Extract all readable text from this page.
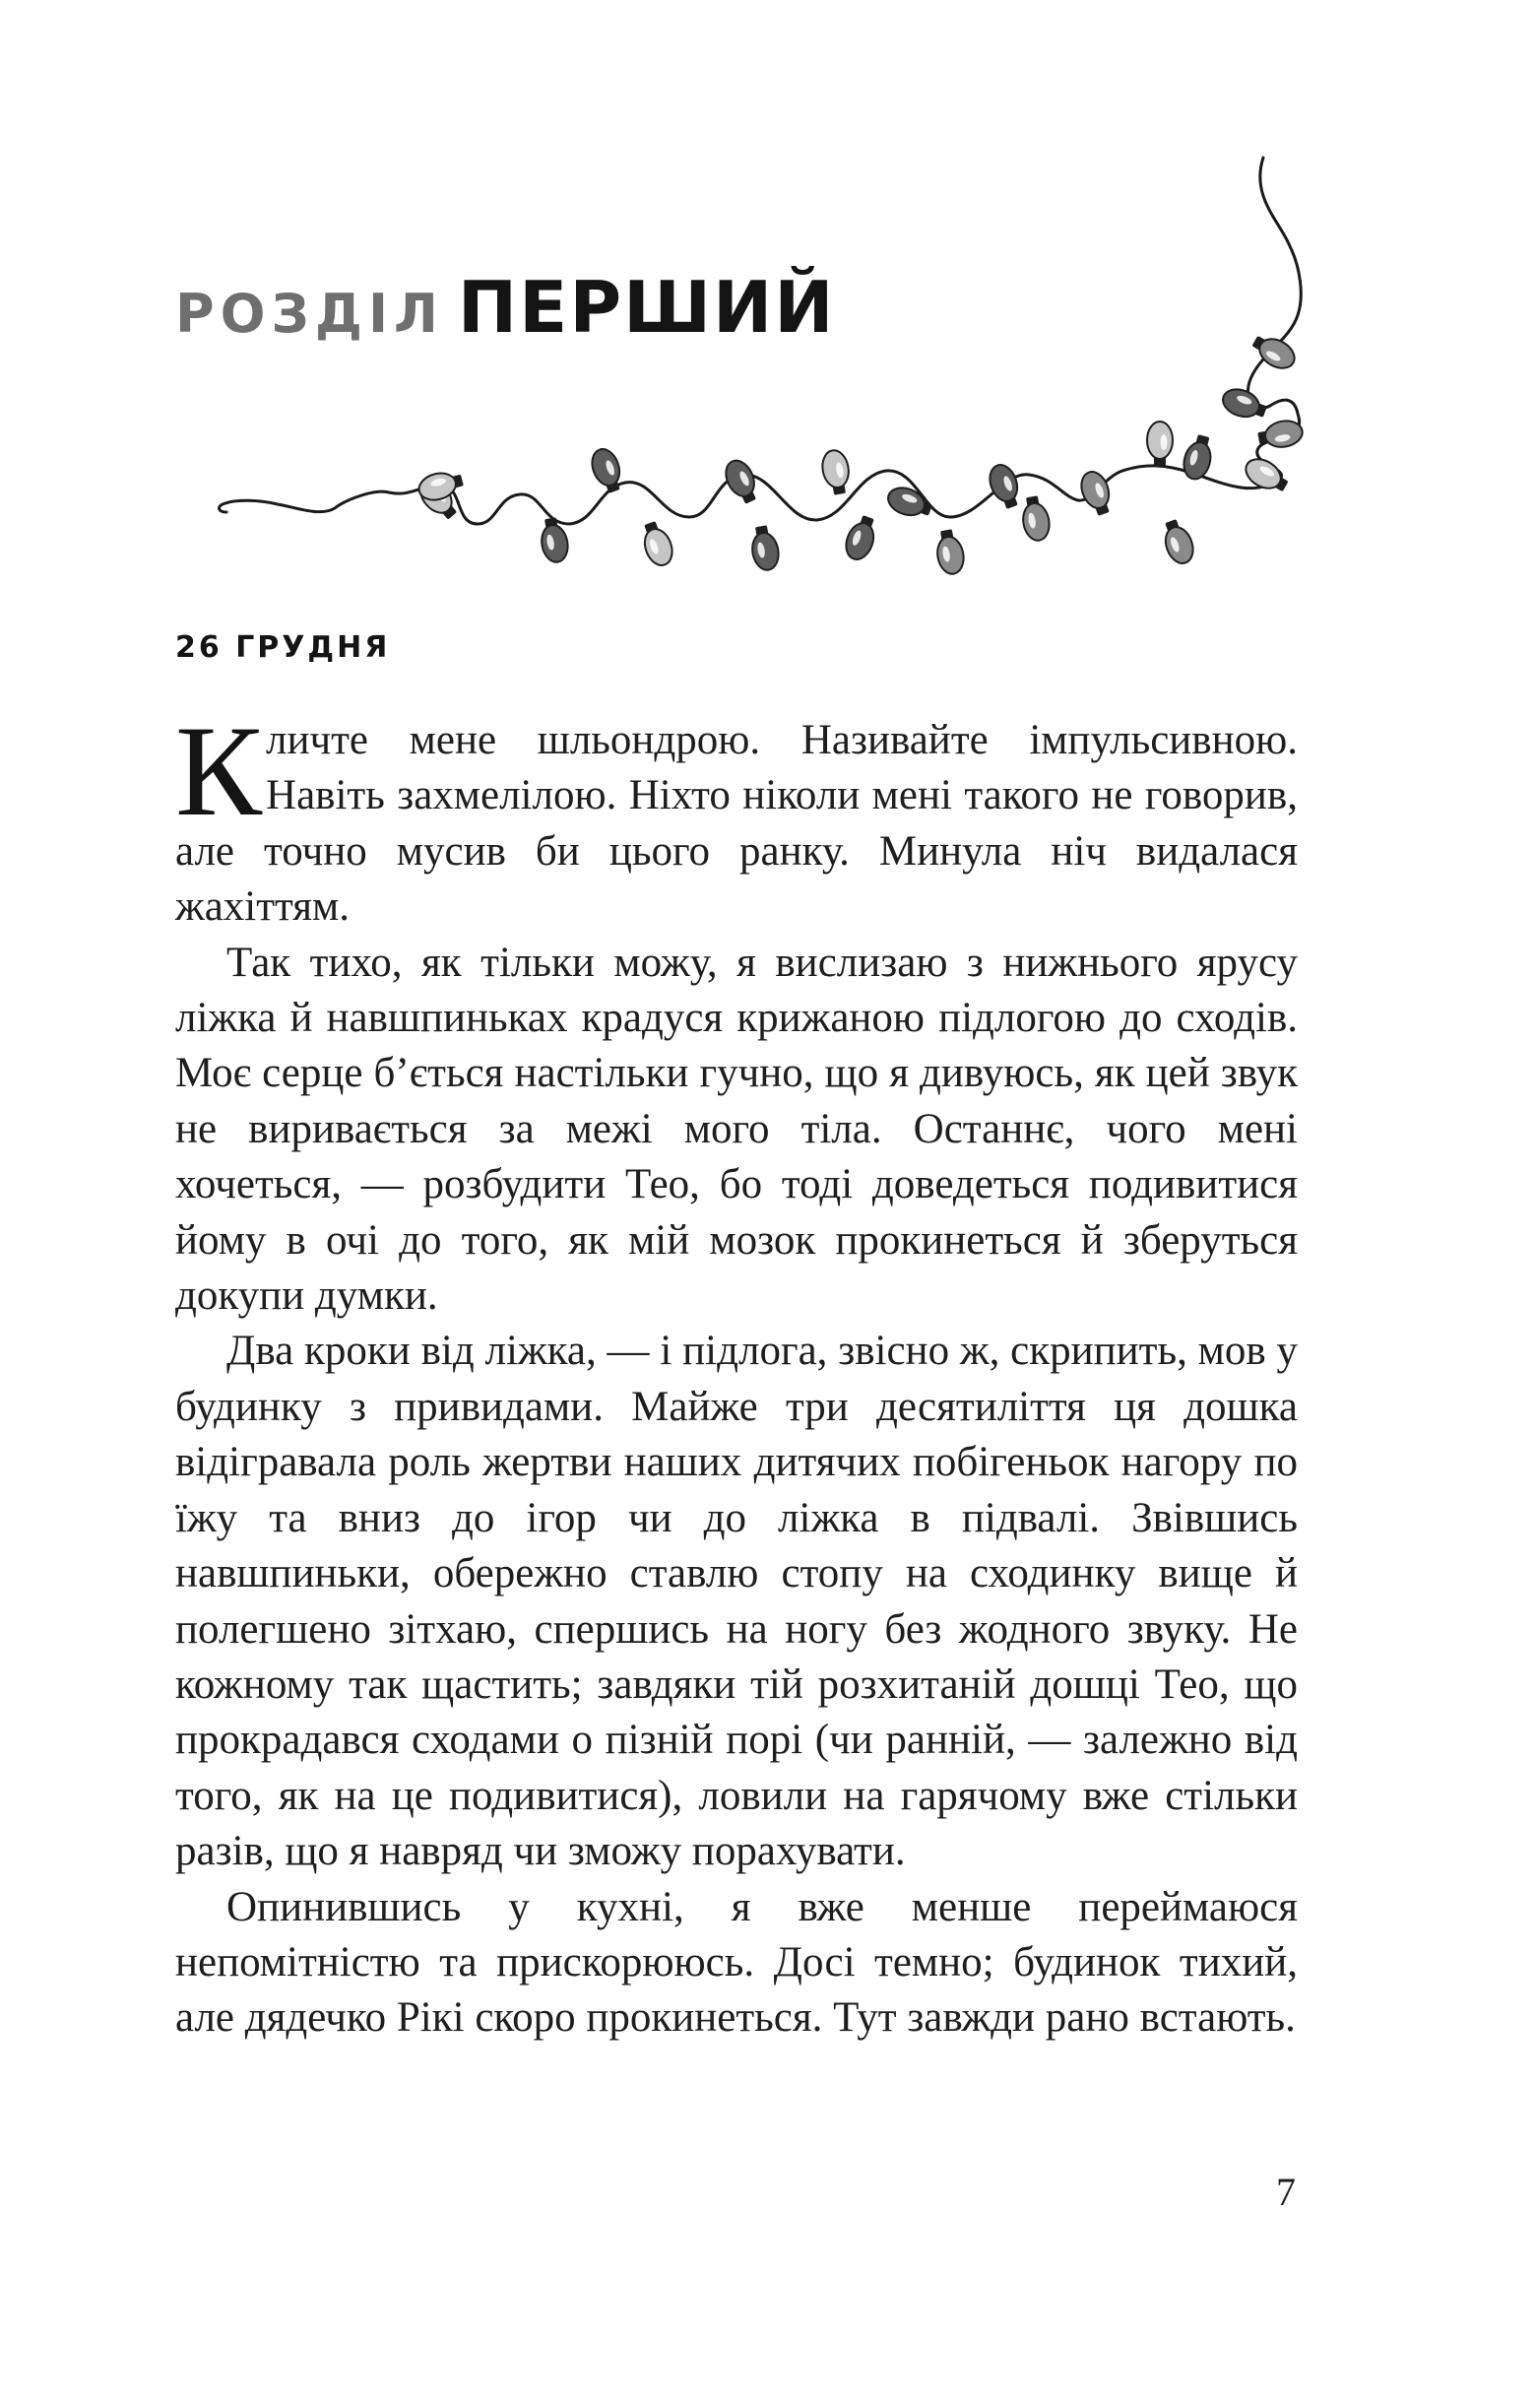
РОЗДІЛ ПЕРШИЙ
26 ГРУДНЯ

Кличте мене шльондрою. Називайте імпульсивною. Навіть захмелілою. Ніхто ніколи мені такого не говорив, але точно мусив би цього ранку. Минула ніч видалася жахіттям.

Так тихо, як тільки можу, я вислизаю з нижнього ярусу ліжка й навшпиньках крадуся крижаною підлогою до сходів. Моє серце б’ється настільки гучно, що я дивуюсь, як цей звук не виривається за межі мого тіла. Останнє, чого мені хочеться, — розбудити Тео, бо тоді доведеться подивитися йому в очі до того, як мій мозок прокинеться й зберуться докупи думки.

Два кроки від ліжка, — і підлога, звісно ж, скрипить, мов у будинку з привидами. Майже три десятиліття ця дошка відігравала роль жертви наших дитячих побігеньок нагору по їжу та вниз до ігор чи до ліжка в підвалі. Звівшись навшпиньки, обережно ставлю стопу на сходинку вище й полегшено зітхаю, спершись на ногу без жодного звуку. Не кожному так щастить; завдяки тій розхитаній дошці Тео, що прокрадався сходами о пізній порі (чи ранній, — залежно від того, як на це подивитися), ловили на гарячому вже стільки разів, що я навряд чи зможу порахувати.

Опинившись у кухні, я вже менше переймаюся непомітністю та прискорююсь. Досі темно; будинок тихий, але дядечко Рікі скоро прокинеться. Тут завжди рано встають.

7
